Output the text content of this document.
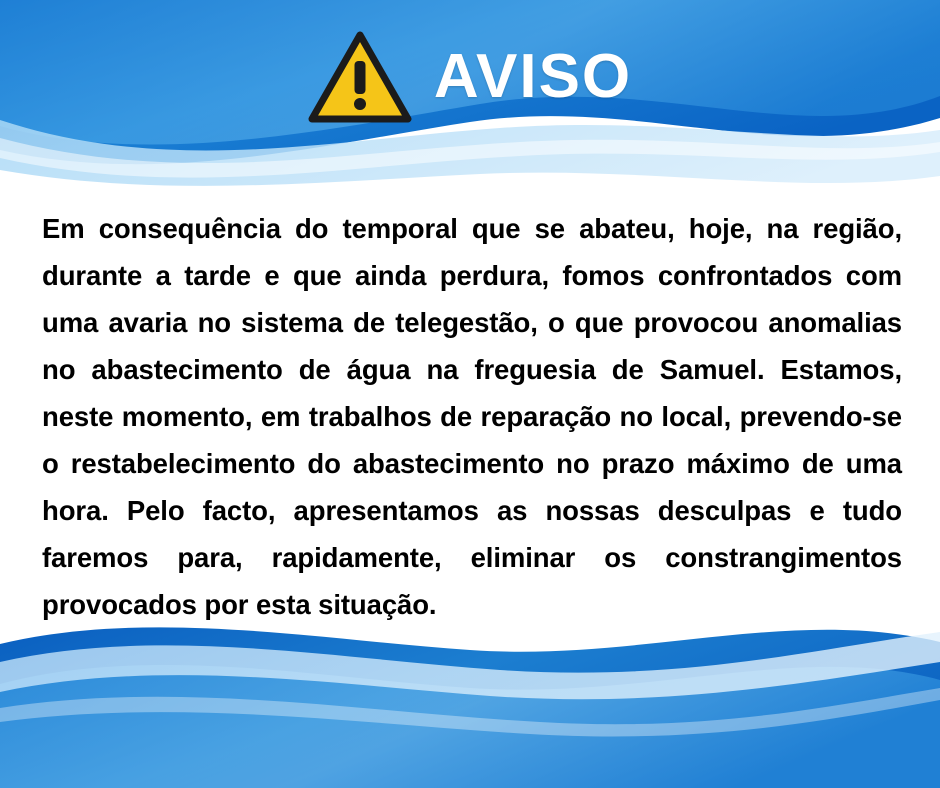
AVISO

Em consequência do temporal que se abateu, hoje, na região, durante a tarde e que ainda perdura, fomos confrontados com uma avaria no sistema de telegestão, o que provocou anomalias no abastecimento de água na freguesia de Samuel. Estamos, neste momento, em trabalhos de reparação no local, prevendo-se o restabelecimento do abastecimento no prazo máximo de uma hora. Pelo facto, apresentamos as nossas desculpas e tudo faremos para, rapidamente, eliminar os constrangimentos provocados por esta situação.
